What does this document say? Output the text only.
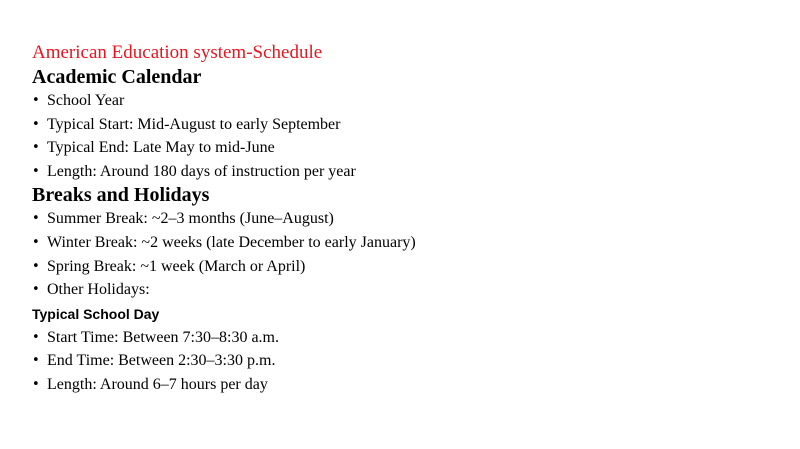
American Education system-Schedule
Academic Calendar
• School Year
• Typical Start: Mid-August to early September
• Typical End: Late May to mid-June
• Length: Around 180 days of instruction per year
Breaks and Holidays
• Summer Break: ~2–3 months (June–August)
• Winter Break: ~2 weeks (late December to early January)
• Spring Break: ~1 week (March or April)
• Other Holidays:
Typical School Day
• Start Time: Between 7:30–8:30 a.m.
• End Time: Between 2:30–3:30 p.m.
• Length: Around 6–7 hours per day
